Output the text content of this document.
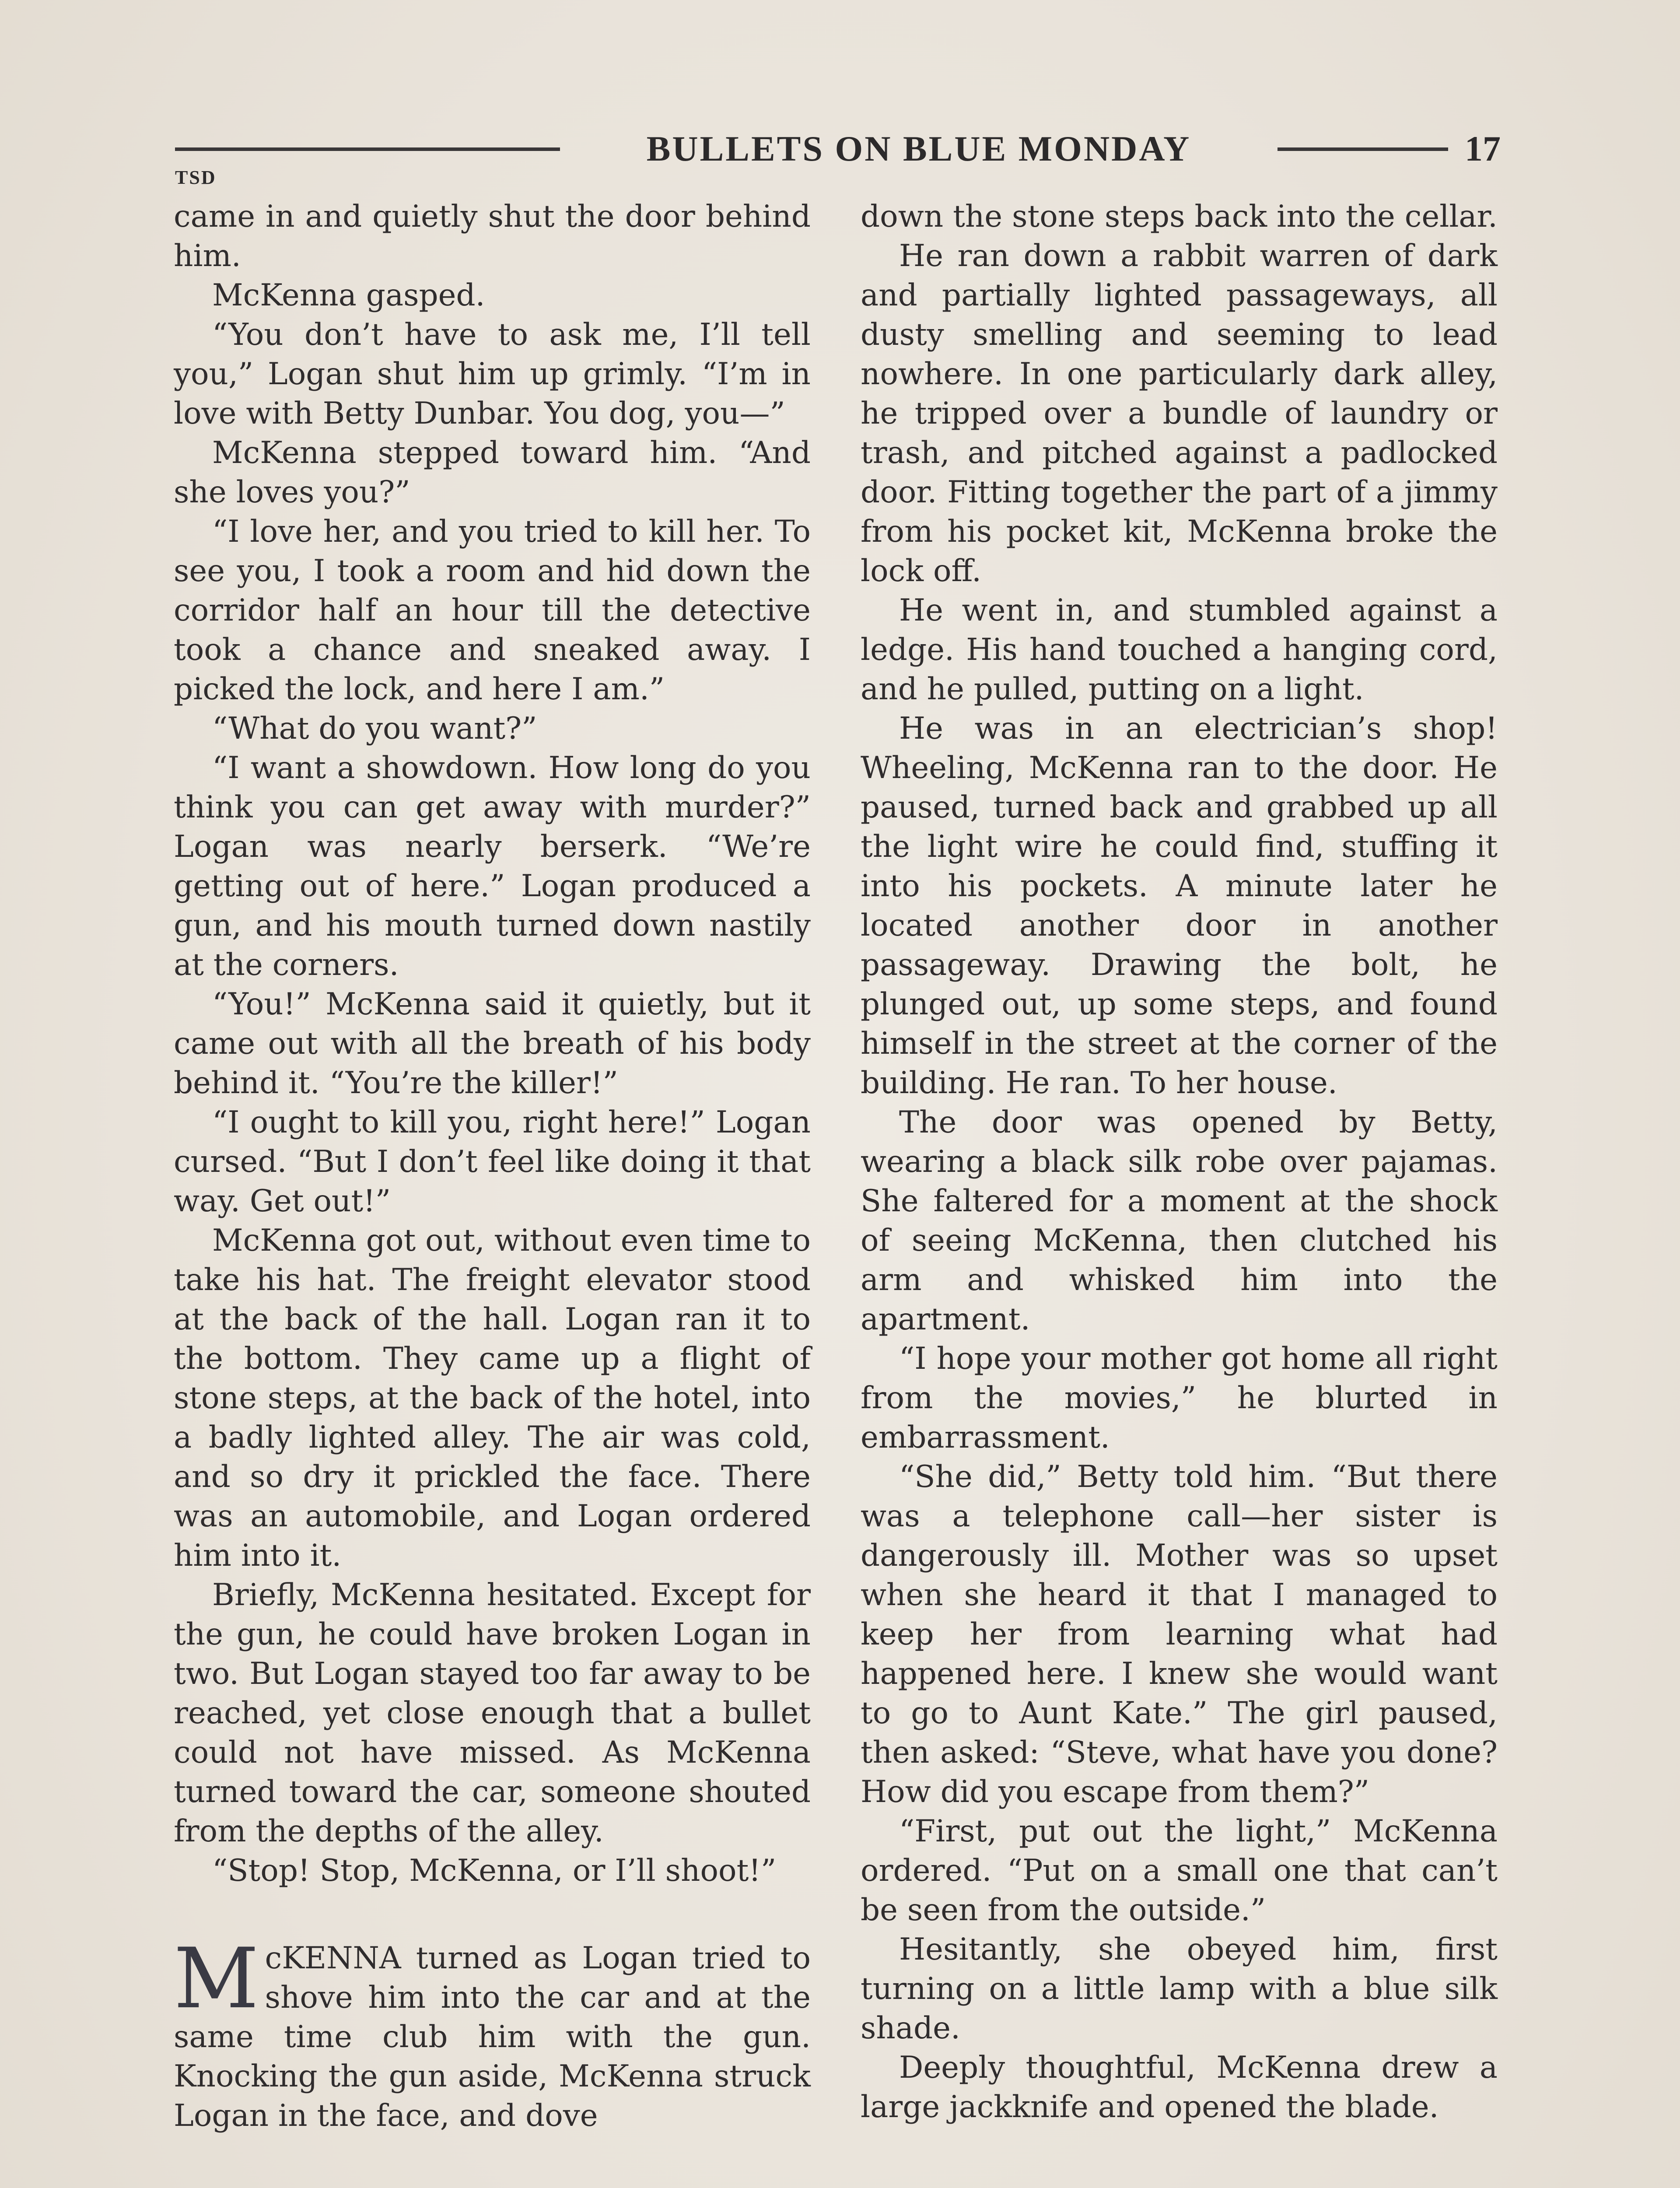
BULLETS ON BLUE MONDAY	17
TSD

came in and quietly shut the door behind him.

McKenna gasped.

“You don’t have to ask me, I’ll tell you,” Logan shut him up grimly. “I’m in love with Betty Dunbar. You dog, you—”

McKenna stepped toward him. “And she loves you?”

“I love her, and you tried to kill her. To see you, I took a room and hid down the corridor half an hour till the detective took a chance and sneaked away. I picked the lock, and here I am.”

“What do you want?”

“I want a showdown. How long do you think you can get away with murder?” Logan was nearly berserk. “We’re getting out of here.” Logan produced a gun, and his mouth turned down nastily at the corners.

“You!” McKenna said it quietly, but it came out with all the breath of his body behind it. “You’re the killer!”

“I ought to kill you, right here!” Logan cursed. “But I don’t feel like doing it that way. Get out!”

McKenna got out, without even time to take his hat. The freight elevator stood at the back of the hall. Logan ran it to the bottom. They came up a flight of stone steps, at the back of the hotel, into a badly lighted alley. The air was cold, and so dry it prickled the face. There was an automobile, and Logan ordered him into it.

Briefly, McKenna hesitated. Except for the gun, he could have broken Logan in two. But Logan stayed too far away to be reached, yet close enough that a bullet could not have missed. As McKenna turned toward the car, someone shouted from the depths of the alley.

“Stop! Stop, McKenna, or I’ll shoot!”

McKENNA turned as Logan tried to shove him into the car and at the same time club him with the gun. Knocking the gun aside, McKenna struck Logan in the face, and dove

down the stone steps back into the cellar.

He ran down a rabbit warren of dark and partially lighted passageways, all dusty smelling and seeming to lead nowhere. In one particularly dark alley, he tripped over a bundle of laundry or trash, and pitched against a padlocked door. Fitting together the part of a jimmy from his pocket kit, McKenna broke the lock off.

He went in, and stumbled against a ledge. His hand touched a hanging cord, and he pulled, putting on a light.

He was in an electrician’s shop! Wheeling, McKenna ran to the door. He paused, turned back and grabbed up all the light wire he could find, stuffing it into his pockets. A minute later he located another door in another passageway. Drawing the bolt, he plunged out, up some steps, and found himself in the street at the corner of the building. He ran. To her house.

The door was opened by Betty, wearing a black silk robe over pajamas. She faltered for a moment at the shock of seeing McKenna, then clutched his arm and whisked him into the apartment.

“I hope your mother got home all right from the movies,” he blurted in embarrassment.

“She did,” Betty told him. “But there was a telephone call—her sister is dangerously ill. Mother was so upset when she heard it that I managed to keep her from learning what had happened here. I knew she would want to go to Aunt Kate.” The girl paused, then asked: “Steve, what have you done? How did you escape from them?”

“First, put out the light,” McKenna ordered. “Put on a small one that can’t be seen from the outside.”

Hesitantly, she obeyed him, first turning on a little lamp with a blue silk shade.

Deeply thoughtful, McKenna drew a large jackknife and opened the blade.
